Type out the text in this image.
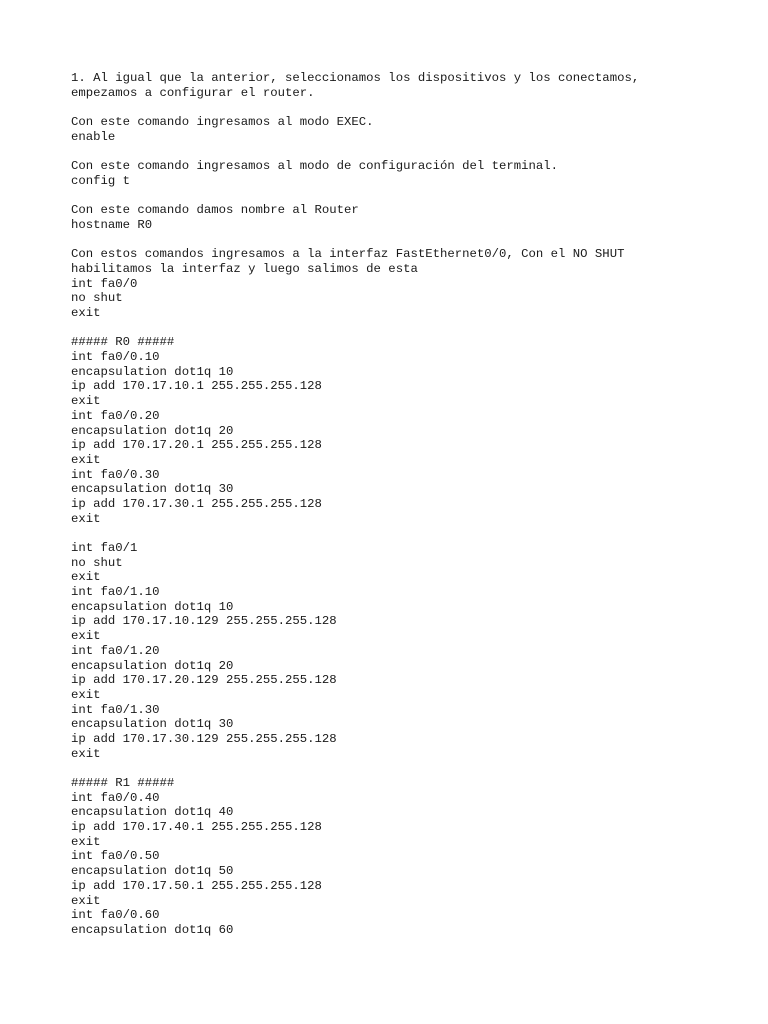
1. Al igual que la anterior, seleccionamos los dispositivos y los conectamos,
empezamos a configurar el router.
Con este comando ingresamos al modo EXEC.
enable
Con este comando ingresamos al modo de configuración del terminal.
config t
Con este comando damos nombre al Router
hostname R0
Con estos comandos ingresamos a la interfaz FastEthernet0/0, Con el NO SHUT
habilitamos la interfaz y luego salimos de esta
int fa0/0
no shut
exit
##### R0 #####
int fa0/0.10
encapsulation dot1q 10
ip add 170.17.10.1 255.255.255.128
exit
int fa0/0.20
encapsulation dot1q 20
ip add 170.17.20.1 255.255.255.128
exit
int fa0/0.30
encapsulation dot1q 30
ip add 170.17.30.1 255.255.255.128
exit
int fa0/1
no shut
exit
int fa0/1.10
encapsulation dot1q 10
ip add 170.17.10.129 255.255.255.128
exit
int fa0/1.20
encapsulation dot1q 20
ip add 170.17.20.129 255.255.255.128
exit
int fa0/1.30
encapsulation dot1q 30
ip add 170.17.30.129 255.255.255.128
exit
##### R1 #####
int fa0/0.40
encapsulation dot1q 40
ip add 170.17.40.1 255.255.255.128
exit
int fa0/0.50
encapsulation dot1q 50
ip add 170.17.50.1 255.255.255.128
exit
int fa0/0.60
encapsulation dot1q 60
